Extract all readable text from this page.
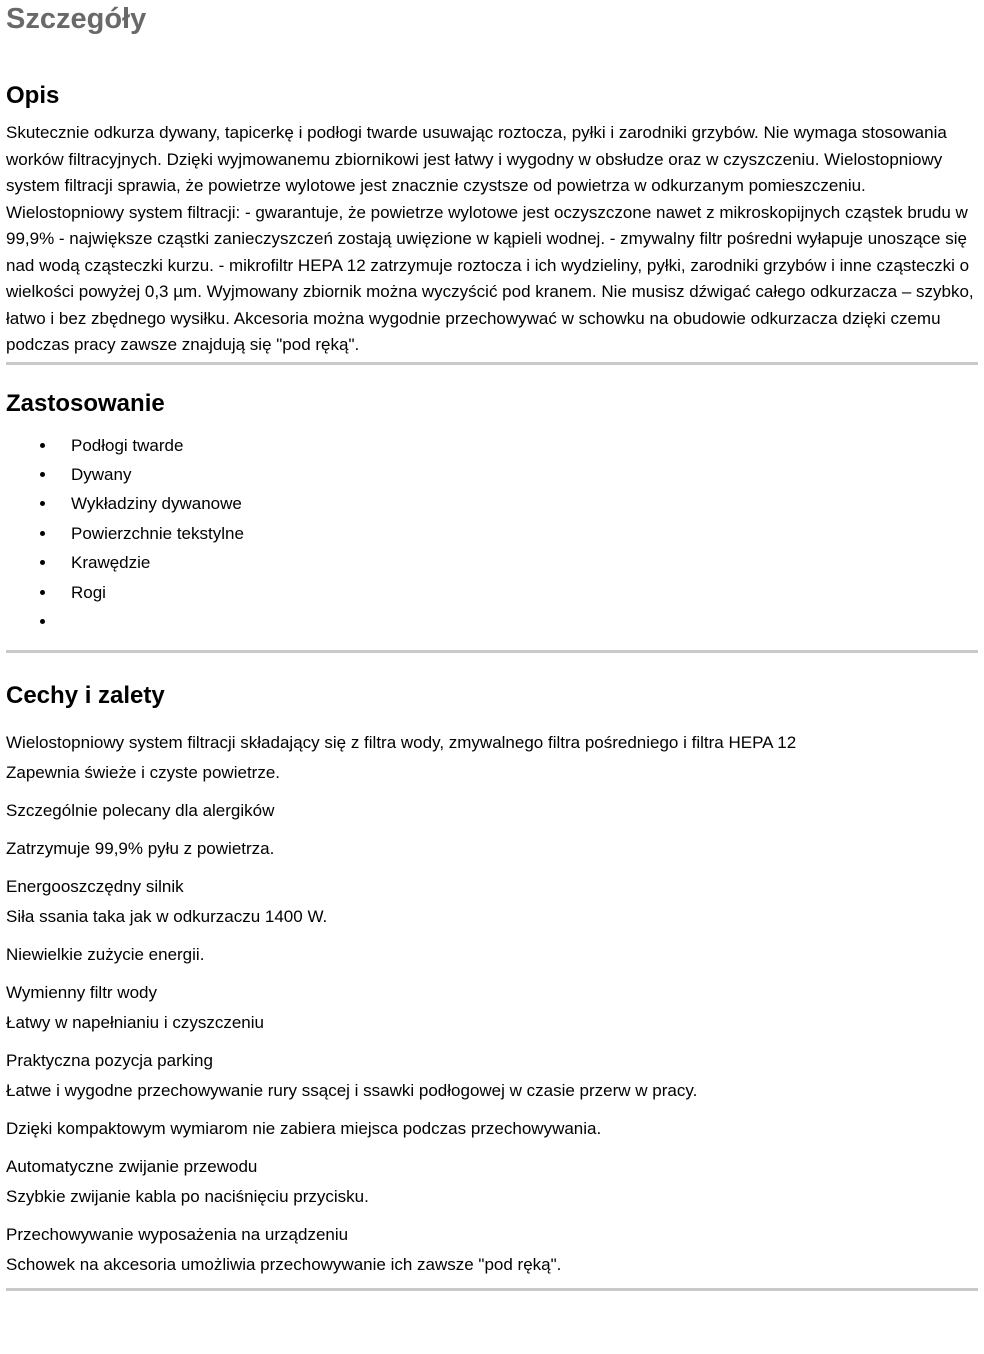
Szczegóły
Opis

Skutecznie odkurza dywany, tapicerkę i podłogi twarde usuwając roztocza, pyłki i zarodniki grzybów. Nie wymaga stosowania worków filtracyjnych. Dzięki wyjmowanemu zbiornikowi jest łatwy i wygodny w obsłudze oraz w czyszczeniu. Wielostopniowy system filtracji sprawia, że powietrze wylotowe jest znacznie czystsze od powietrza w odkurzanym pomieszczeniu. Wielostopniowy system filtracji: - gwarantuje, że powietrze wylotowe jest oczyszczone nawet z mikroskopijnych cząstek brudu w 99,9% - największe cząstki zanieczyszczeń zostają uwięzione w kąpieli wodnej. - zmywalny filtr pośredni wyłapuje unoszące się nad wodą cząsteczki kurzu. - mikrofiltr HEPA 12 zatrzymuje roztocza i ich wydzieliny, pyłki, zarodniki grzybów i inne cząsteczki o wielkości powyżej 0,3 µm. Wyjmowany zbiornik można wyczyścić pod kranem. Nie musisz dźwigać całego odkurzacza – szybko, łatwo i bez zbędnego wysiłku. Akcesoria można wygodnie przechowywać w schowku na obudowie odkurzacza dzięki czemu podczas pracy zawsze znajdują się "pod ręką".

Zastosowanie
Podłogi twarde
Dywany
Wykładziny dywanowe
Powierzchnie tekstylne
Krawędzie
Rogi
Cechy i zalety
Wielostopniowy system filtracji składający się z filtra wody, zmywalnego filtra pośredniego i filtra HEPA 12
Zapewnia świeże i czyste powietrze.
Szczególnie polecany dla alergików
Zatrzymuje 99,9% pyłu z powietrza.
Energooszczędny silnik
Siła ssania taka jak w odkurzaczu 1400 W.
Niewielkie zużycie energii.
Wymienny filtr wody
Łatwy w napełnianiu i czyszczeniu
Praktyczna pozycja parking
Łatwe i wygodne przechowywanie rury ssącej i ssawki podłogowej w czasie przerw w pracy.
Dzięki kompaktowym wymiarom nie zabiera miejsca podczas przechowywania.
Automatyczne zwijanie przewodu
Szybkie zwijanie kabla po naciśnięciu przycisku.
Przechowywanie wyposażenia na urządzeniu
Schowek na akcesoria umożliwia przechowywanie ich zawsze "pod ręką".
